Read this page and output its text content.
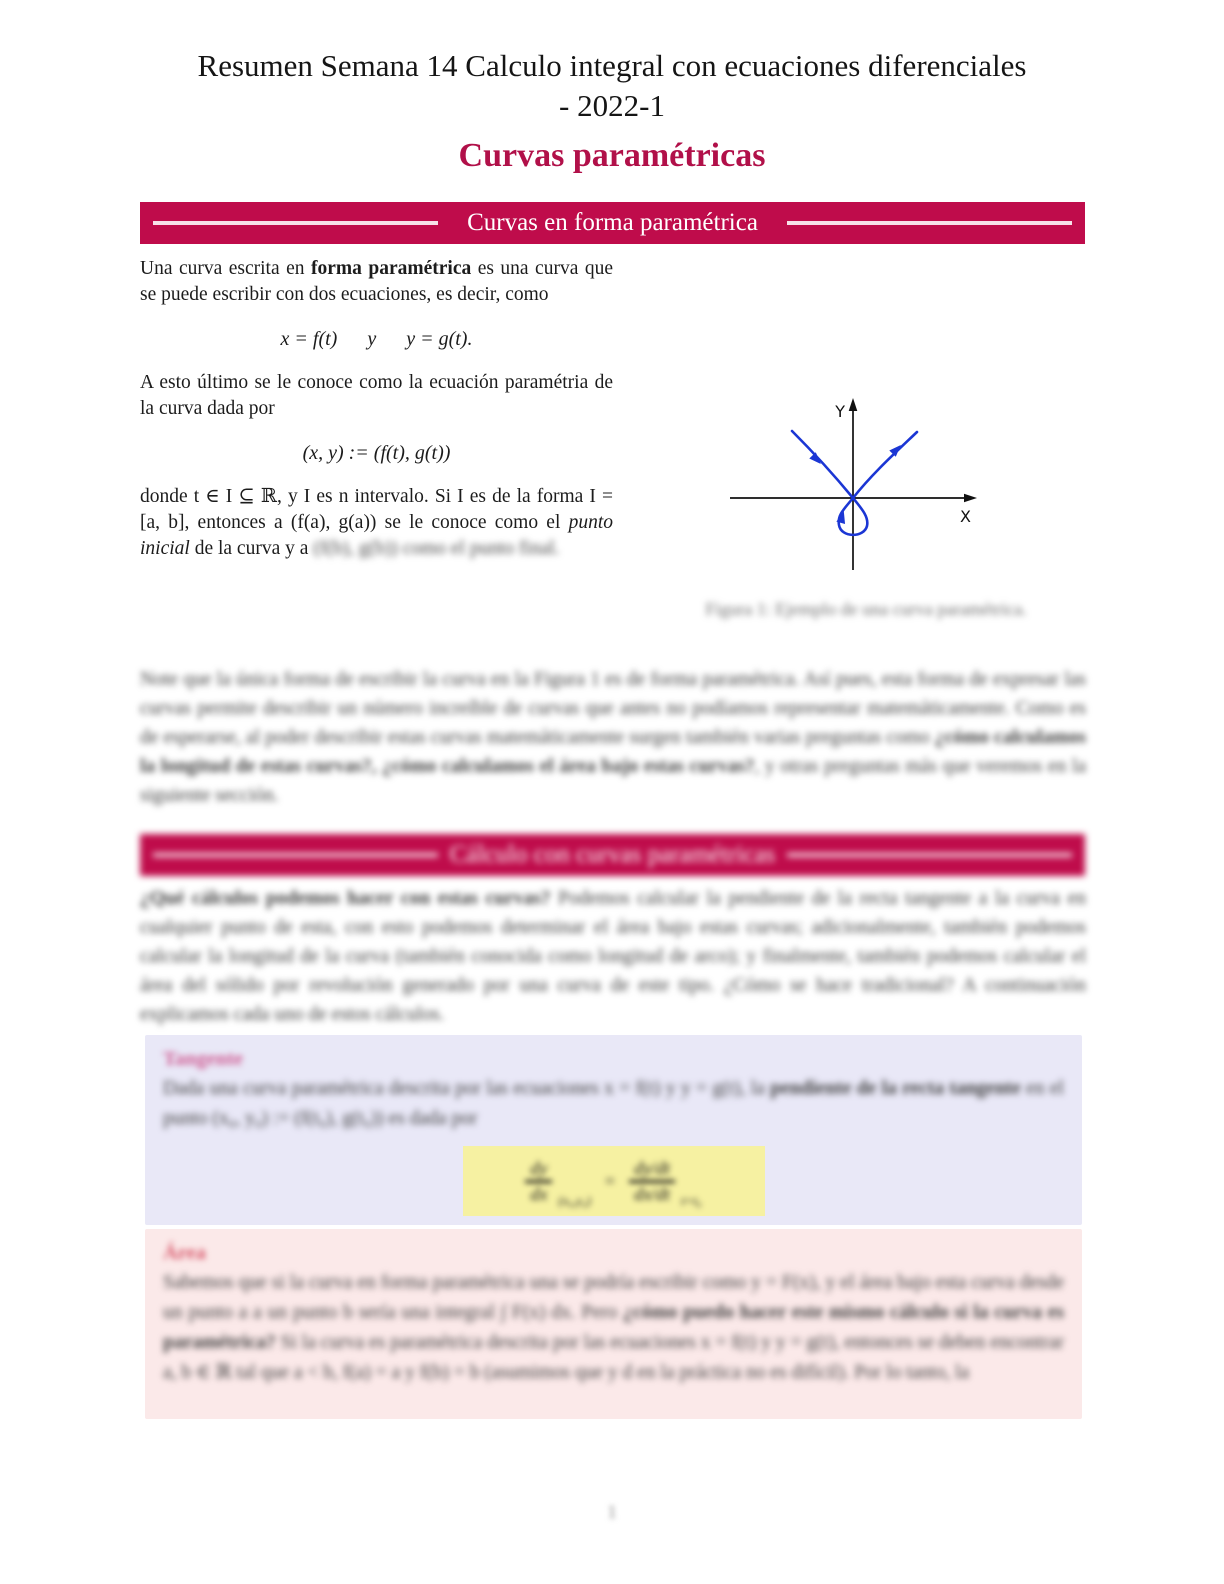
Resumen Semana 14 Calculo integral con ecuaciones diferenciales
- 2022-1
Curvas paramétricas
Curvas en forma paramétrica

Una curva escrita en forma paramétrica es una curva que se puede escribir con dos ecuaciones, es decir, como

x = f(t)  y  y = g(t).

A esto último se le conoce como la ecuación paramétria de la curva dada por

(x, y) := (f(t), g(t))

donde t ∈ I ⊆ ℝ, y I es n intervalo. Si I es de la forma I = [a, b], entonces a (f(a), g(a)) se le conoce como el punto inicial de la curva y a (f(b), g(b)) como el punto final.

Y
X
Figura 1: Ejemplo de una curva paramétrica.
Note que la única forma de escribir la curva en la Figura 1 es de forma paramétrica. Así pues, esta forma de expresar las curvas permite describir un número increíble de curvas que antes no podíamos representar matemáticamente. Como es de esperarse, al poder describir estas curvas matemáticamente surgen también varias preguntas como ¿cómo calculamos la longitud de estas curvas?, ¿cómo calculamos el área bajo estas curvas?, y otras preguntas más que veremos en la siguiente sección.
Cálculo con curvas paramétricas
¿Qué cálculos podemos hacer con estas curvas? Podemos calcular la pendiente de la recta tangente a la curva en cualquier punto de esta, con esto podemos determinar el área bajo estas curvas; adicionalmente, también podemos calcular la longitud de la curva (también conocida como longitud de arco); y finalmente, también podemos calcular el área del sólido por revolución generado por una curva de este tipo. ¿Cómo se hace tradicional? A continuación explicamos cada uno de estos cálculos.
Tangente
Dada una curva paramétrica descrita por las ecuaciones x = f(t) y y = g(t), la pendiente de la recta tangente en el punto (x₀, y₀) := (f(t₀), g(t₀)) es dada por
$\frac{dy}{dx} (x_0,y_0)$
= $\frac{dy/dt}{dx/dt} t=t_0$
Área
Sabemos que si la curva en forma paramétrica una se podría escribir como y = F(x), y el área bajo esta curva desde un punto a a un punto b sería una integral ∫ F(x) dx. Pero ¿cómo puedo hacer este mismo cálculo si la curva es paramétrica? Si la curva es paramétrica descrita por las ecuaciones x = f(t) y y = g(t), entonces se deben encontrar a, b ∈ ℝ tal que a < b, f(a) = a y f(b) = b (asumimos que y d en la práctica no es difícil). Por lo tanto, la
1
